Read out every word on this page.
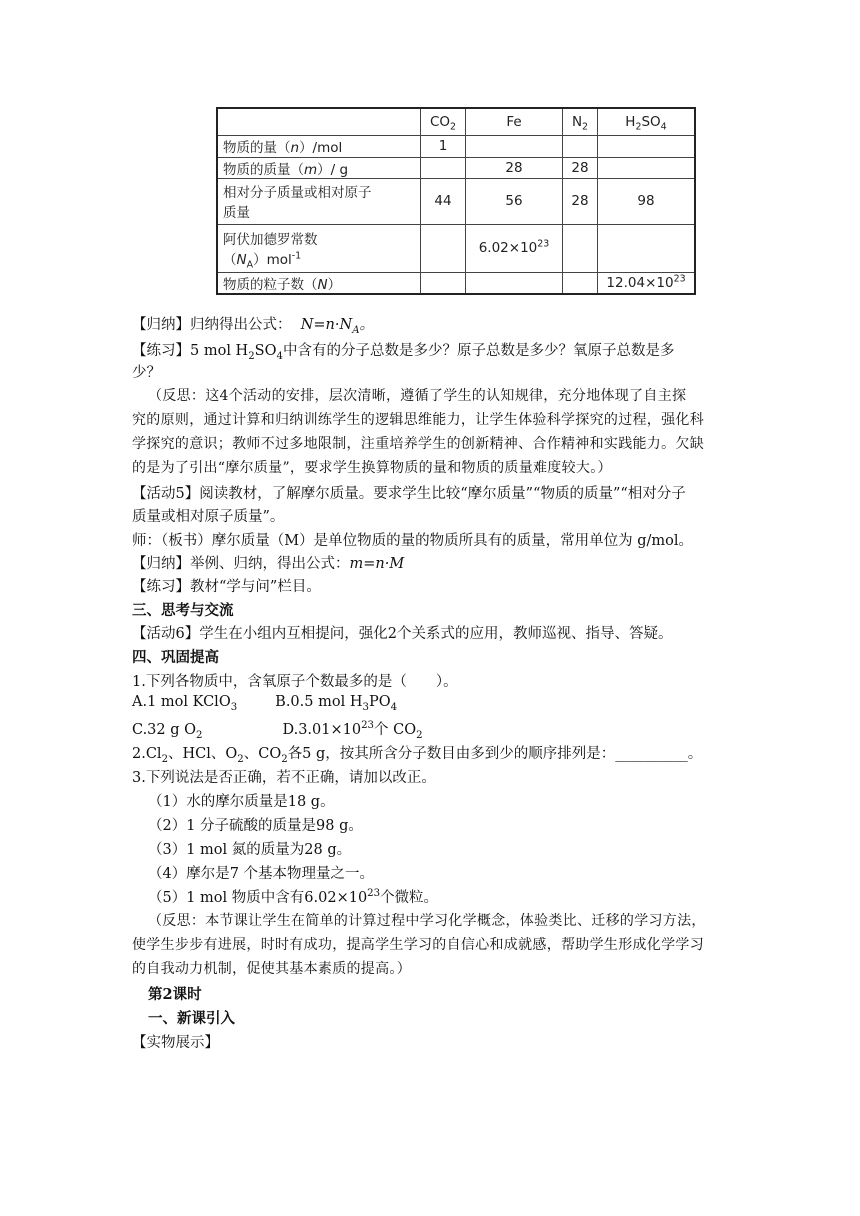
	$CO_2$	Fe	$N_2$	$H_2SO_4$
物质的量（n）/mol	1			
物质的质量（m）/ g		28	28	
相对分子质量或相对原子
质量	44	56	28	98
阿伏加德罗常数
$(N_A)mol^{-1}$		$6.02\times 10^{23}$		
物质的粒子数（N）				$12.04\times 10^{23}$
【归纳】归纳得出公式： $N=n\cdot N_A$。
【练习】5 mol $H_2SO_4$中含有的分子总数是多少？原子总数是多少？氧原子总数是多
少？
（反思：这4个活动的安排，层次清晰，遵循了学生的认知规律，充分地体现了自主探
究的原则，通过计算和归纳训练学生的逻辑思维能力，让学生体验科学探究的过程，强化科
学探究的意识；教师不过多地限制，注重培养学生的创新精神、合作精神和实践能力。欠缺
的是为了引出“摩尔质量”，要求学生换算物质的量和物质的质量难度较大。）
【活动5】阅读教材，了解摩尔质量。要求学生比较“摩尔质量”“物质的质量”“相对分子
质量或相对原子质量”。
师：（板书）摩尔质量（M）是单位物质的量的物质所具有的质量，常用单位为 g/mol。
【归纳】举例、归纳，得出公式：m=n·M
【练习】教材“学与问”栏目。
三、思考与交流
【活动6】学生在小组内互相提问，强化2个关系式的应用，教师巡视、指导、答疑。
四、巩固提高
1.下列各物质中，含氧原子个数最多的是（　　）。
A.1 mol KClO$_3$	B.0.5 mol $H_3PO_4$
C.32 g $O_2$	$D.3.01\times 10^{23}$个 $CO_2$
$2.Cl_2$、HCl、$O_2$、$CO_2$各5 g，按其所含分子数目由多到少的顺序排列是：__________。
3.下列说法是否正确，若不正确，请加以改正。
（1）水的摩尔质量是18 g。
（2）1 分子硫酸的质量是98 g。
（3）1 mol 氮的质量为28 g。
（4）摩尔是7 个基本物理量之一。
（5）1 mol 物质中含有$6.02\times 10^{23}$个微粒。
（反思：本节课让学生在简单的计算过程中学习化学概念，体验类比、迁移的学习方法，
使学生步步有进展，时时有成功，提高学生学习的自信心和成就感，帮助学生形成化学学习
的自我动力机制，促使其基本素质的提高。）
第2课时
一、新课引入
【实物展示】
